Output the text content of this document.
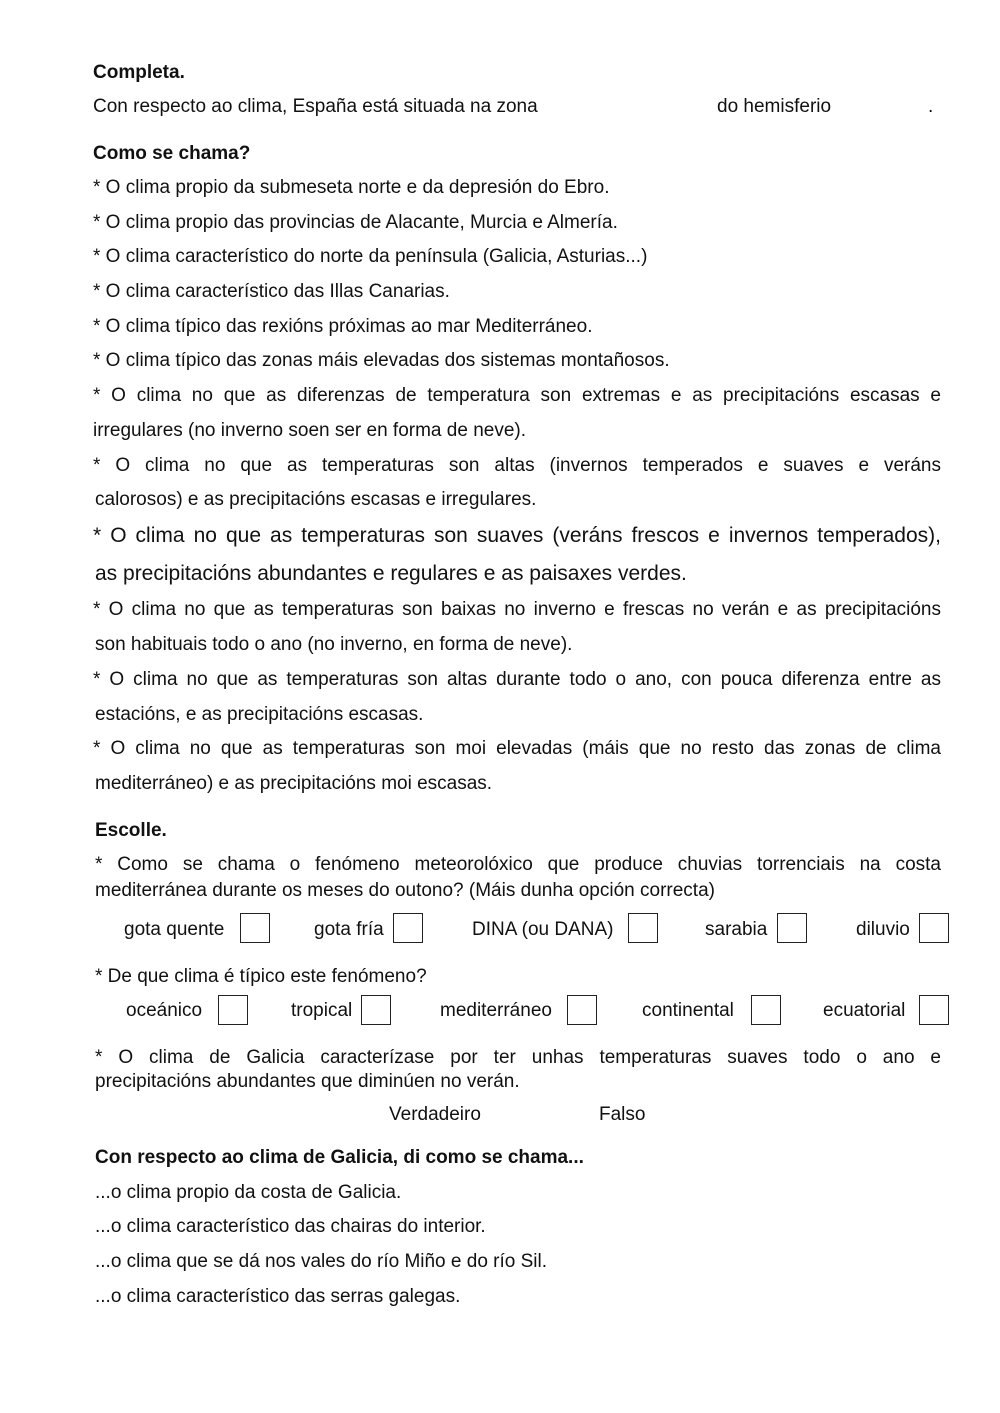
Completa.
Con respecto ao clima, España está situada na zona	do hemisferio	.
Como se chama?
* O clima propio da submeseta norte e da depresión do Ebro.
* O clima propio das provincias de Alacante, Murcia e Almería.
* O clima característico do norte da península (Galicia, Asturias...)
* O clima característico das Illas Canarias.
* O clima típico das rexións próximas ao mar Mediterráneo.
* O clima típico das zonas máis elevadas dos sistemas montañosos.
* O clima no que as diferenzas de temperatura son extremas e as precipitacións escasas e
irregulares (no inverno soen ser en forma de neve).
* O clima no que as temperaturas son altas (invernos temperados e suaves e veráns
calorosos) e as precipitacións escasas e irregulares.
* O clima no que as temperaturas son suaves (veráns frescos e invernos temperados),
as precipitacións abundantes e regulares e as paisaxes verdes.
* O clima no que as temperaturas son baixas no inverno e frescas no verán e as precipitacións
son habituais todo o ano (no inverno, en forma de neve).
* O clima no que as temperaturas son altas durante todo o ano, con pouca diferenza entre as
estacións, e as precipitacións escasas.
* O clima no que as temperaturas son moi elevadas (máis que no resto das zonas de clima
mediterráneo) e as precipitacións moi escasas.
Escolle.
* Como se chama o fenómeno meteorolóxico que produce chuvias torrenciais na costa
mediterránea durante os meses do outono? (Máis dunha opción correcta)
gota quente	gota fría	DINA (ou DANA)	sarabia	diluvio
* De que clima é típico este fenómeno?
oceánico	tropical	mediterráneo	continental	ecuatorial
* O clima de Galicia caracterízase por ter unhas temperaturas suaves todo o ano e
precipitacións abundantes que diminúen no verán.
Verdadeiro	Falso
Con respecto ao clima de Galicia, di como se chama...
...o clima propio da costa de Galicia.
...o clima característico das chairas do interior.
...o clima que se dá nos vales do río Miño e do río Sil.
...o clima característico das serras galegas.
